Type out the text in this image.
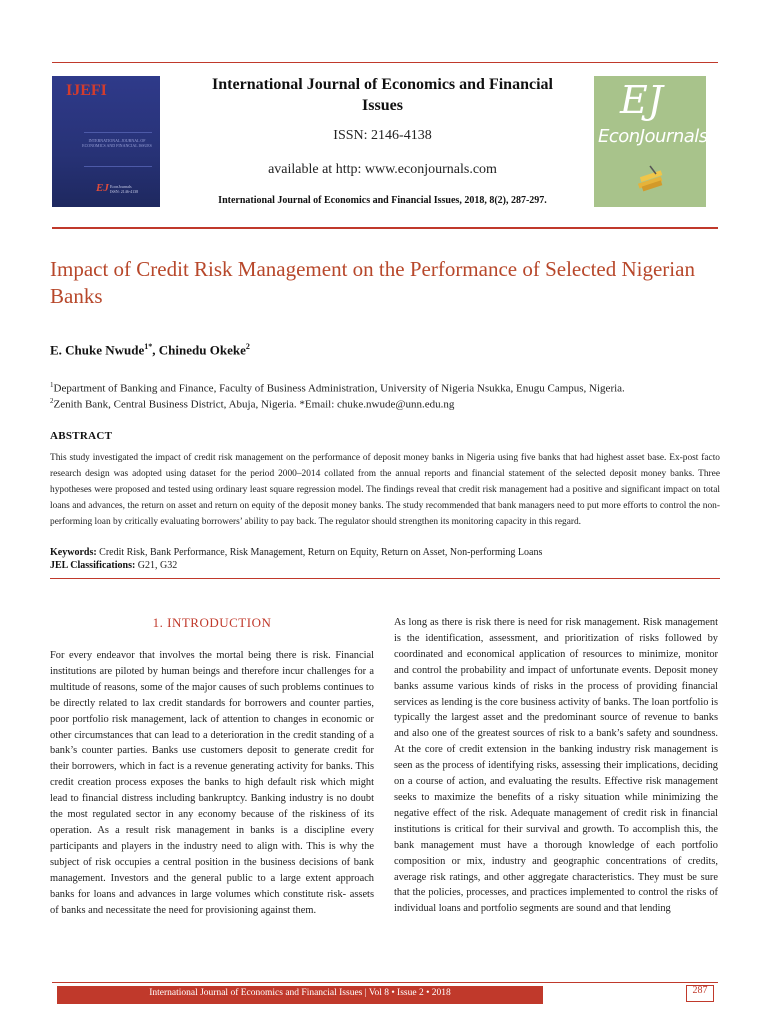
IJEFI
INTERNATIONAL JOURNAL OF
ECONOMICS AND FINANCIAL ISSUES
EJ EconJournals
ISSN: 2146-4138
International Journal of Economics and Financial Issues
ISSN: 2146-4138
available at http: www.econjournals.com
International Journal of Economics and Financial Issues, 2018, 8(2), 287-297.
EJ
EconJournals
Impact of Credit Risk Management on the Performance of Selected Nigerian Banks
E. Chuke Nwude$^{1*}$, Chinedu Okeke$^2$
$^1$Department of Banking and Finance, Faculty of Business Administration, University of Nigeria Nsukka, Enugu Campus, Nigeria.
$^2$Zenith Bank, Central Business District, Abuja, Nigeria. *Email: chuke.nwude@unn.edu.ng
ABSTRACT
This study investigated the impact of credit risk management on the performance of deposit money banks in Nigeria using five banks that had highest asset base. Ex-post facto research design was adopted using dataset for the period 2000–2014 collated from the annual reports and financial statement of the selected deposit money banks. Three hypotheses were proposed and tested using ordinary least square regression model. The findings reveal that credit risk management had a positive and significant impact on total loans and advances, the return on asset and return on equity of the deposit money banks. The study recommended that bank managers need to put more efforts to control the non-performing loan by critically evaluating borrowers’ ability to pay back. The regulator should strengthen its monitoring capacity in this regard.
Keywords: Credit Risk, Bank Performance, Risk Management, Return on Equity, Return on Asset, Non-performing Loans
JEL Classifications: G21, G32
1. INTRODUCTION
For every endeavor that involves the mortal being there is risk. Financial institutions are piloted by human beings and therefore incur challenges for a multitude of reasons, some of the major causes of such problems continues to be directly related to lax credit standards for borrowers and counter parties, poor portfolio risk management, lack of attention to changes in economic or other circumstances that can lead to a deterioration in the credit standing of a bank’s counter parties. Banks use customers deposit to generate credit for their borrowers, which in fact is a revenue generating activity for banks. This credit creation process exposes the banks to high default risk which might lead to financial distress including bankruptcy. Banking industry is no doubt the most regulated sector in any economy because of the riskiness of its operation. As a result risk management in banks is a discipline every participants and players in the industry need to align with. This is why the subject of risk occupies a central position in the business decisions of bank management. Investors and the general public to a large extent approach banks for loans and advances in large volumes which constitute risk- assets of banks and necessitate the need for provisioning against them.
As long as there is risk there is need for risk management. Risk management is the identification, assessment, and prioritization of risks followed by coordinated and economical application of resources to minimize, monitor and control the probability and impact of unfortunate events. Deposit money banks assume various kinds of risks in the process of providing financial services as lending is the core business activity of banks. The loan portfolio is typically the largest asset and the predominant source of revenue to banks and also one of the greatest sources of risk to a bank’s safety and soundness. At the core of credit extension in the banking industry risk management is seen as the process of identifying risks, assessing their implications, deciding on a course of action, and evaluating the results. Effective risk management seeks to maximize the benefits of a risky situation while minimizing the negative effect of the risk. Adequate management of credit risk in financial institutions is critical for their survival and growth. To accomplish this, the bank management must have a thorough knowledge of each portfolio composition or mix, industry and geographic concentrations of credits, average risk ratings, and other aggregate characteristics. They must be sure that the policies, processes, and practices implemented to control the risks of individual loans and portfolio segments are sound and that lending
International Journal of Economics and Financial Issues | Vol 8 • Issue 2 • 2018	287
